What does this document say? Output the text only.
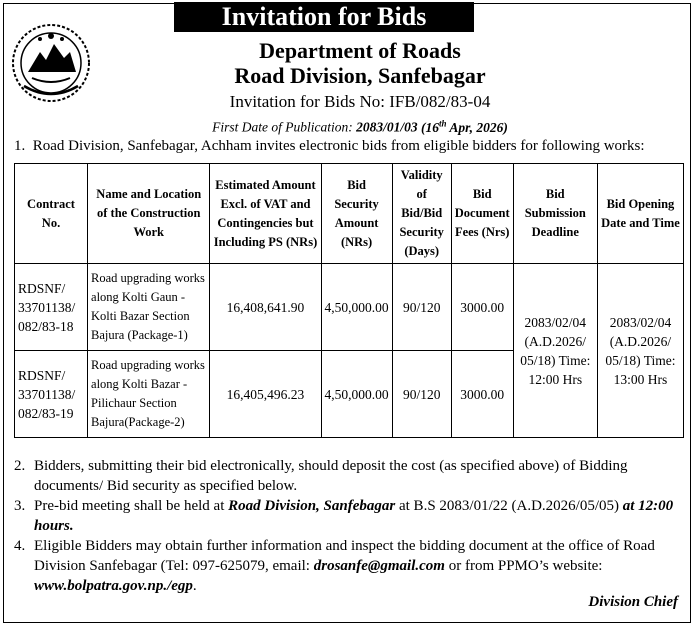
Invitation for Bids
Department of Roads
Road Division, Sanfebagar
Invitation for Bids No: IFB/082/83-04
First Date of Publication: 2083/01/03 (16th Apr, 2026)
1. Road Division, Sanfebagar, Achham invites electronic bids from eligible bidders for following works:
Contract No.	Name and Location of the Construction Work	Estimated Amount Excl. of VAT and Contingencies but Including PS (NRs)	Bid Security Amount (NRs)	Validity of Bid/Bid Security (Days)	Bid Document Fees (Nrs)	Bid Submission Deadline	Bid Opening Date and Time
RDSNF/ 33701138/ 082/83-18	Road upgrading works along Kolti Gaun - Kolti Bazar Section Bajura (Package-1)	16,408,641.90	4,50,000.00	90/120	3000.00	2083/02/04 (A.D.2026/ 05/18) Time: 12:00 Hrs	2083/02/04 (A.D.2026/ 05/18) Time: 13:00 Hrs
RDSNF/ 33701138/ 082/83-19	Road upgrading works along Kolti Bazar -Pilichaur Section Bajura(Package-2)	16,405,496.23	4,50,000.00	90/120	3000.00		
2. Bidders, submitting their bid electronically, should deposit the cost (as specified above) of Bidding documents/ Bid security as specified below.
3. Pre-bid meeting shall be held at Road Division, Sanfebagar at B.S 2083/01/22 (A.D.2026/05/05) at 12:00 hours.
4. Eligible Bidders may obtain further information and inspect the bidding document at the office of Road Division Sanfebagar (Tel: 097-625079, email: drosanfe@gmail.com or from PPMO’s website: www.bolpatra.gov.np./egp.
Division Chief
